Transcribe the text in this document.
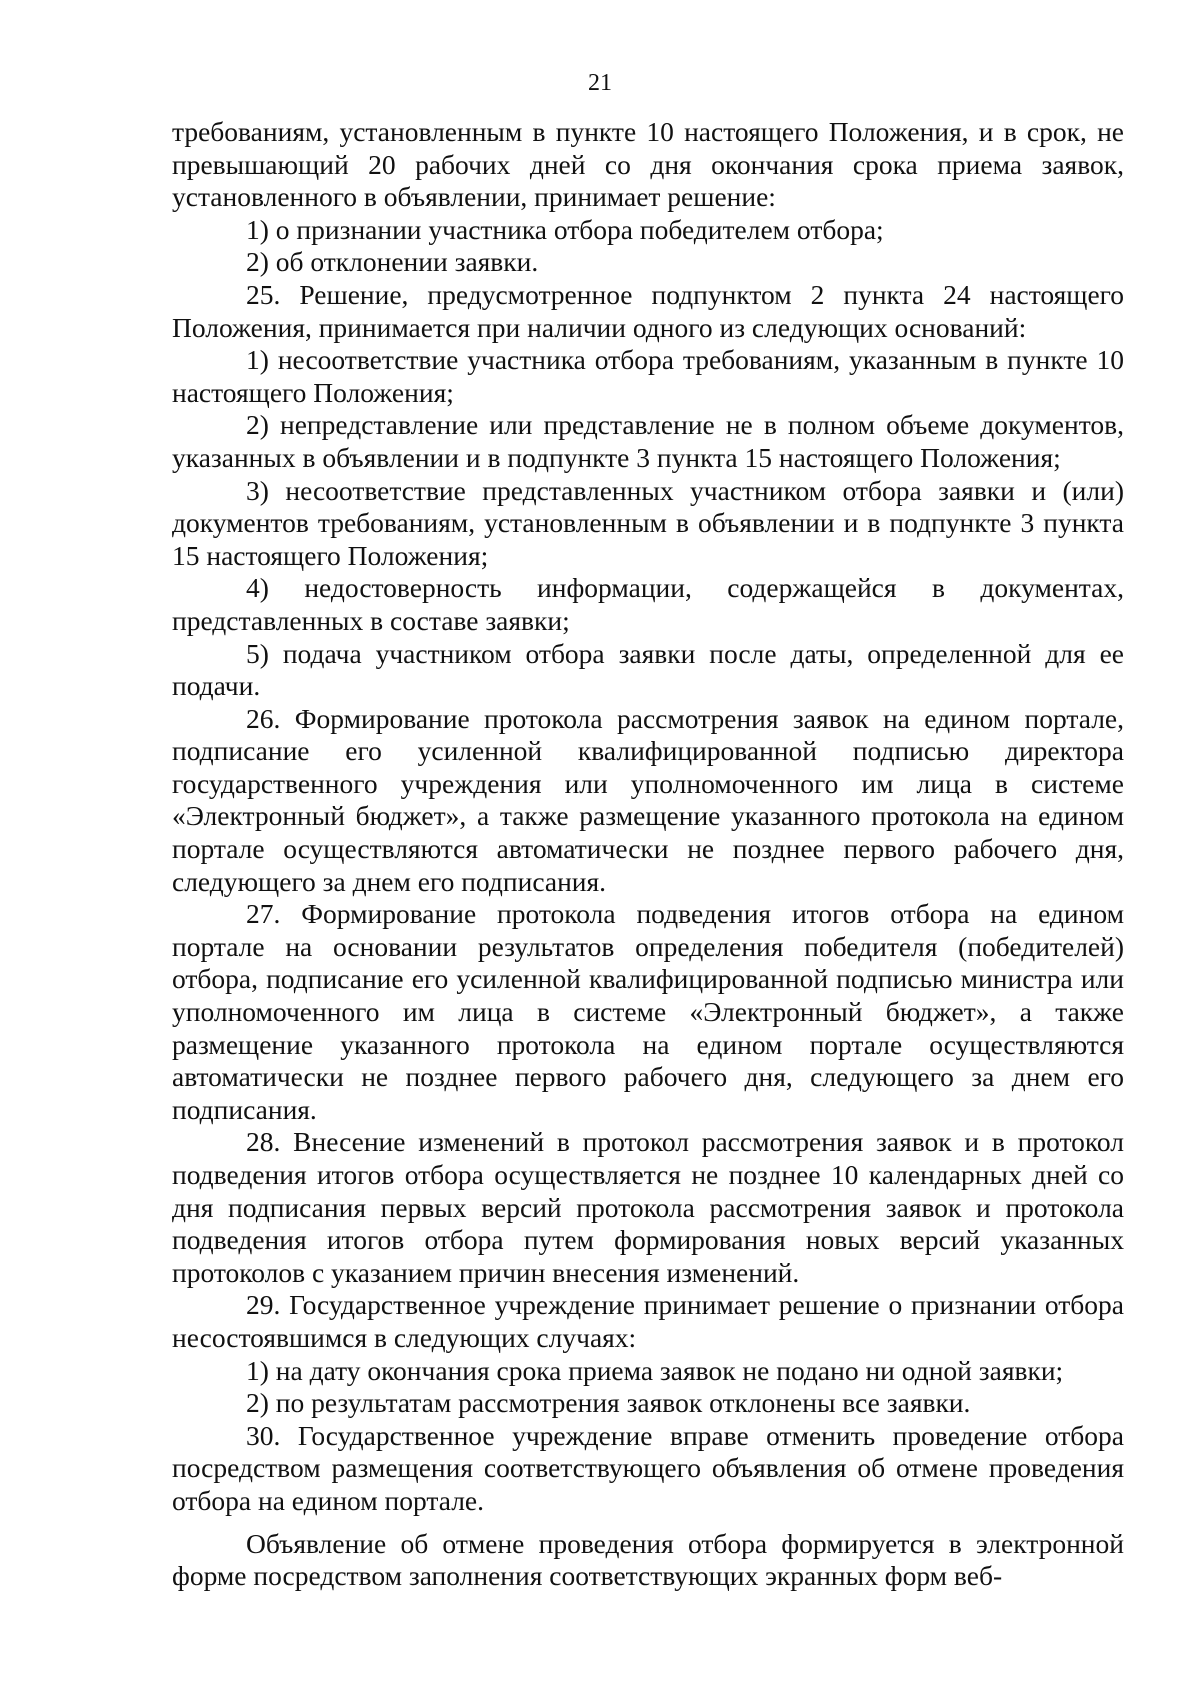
21

требованиям, установленным в пункте 10 настоящего Положения, и в срок, не превышающий 20 рабочих дней со дня окончания срока приема заявок, установленного в объявлении, принимает решение:

1) о признании участника отбора победителем отбора;

2) об отклонении заявки.

25. Решение, предусмотренное подпунктом 2 пункта 24 настоящего Положения, принимается при наличии одного из следующих оснований:

1) несоответствие участника отбора требованиям, указанным в пункте 10 настоящего Положения;

2) непредставление или представление не в полном объеме документов, указанных в объявлении и в подпункте 3 пункта 15 настоящего Положения;

3) несоответствие представленных участником отбора заявки и (или) документов требованиям, установленным в объявлении и в подпункте 3 пункта 15 настоящего Положения;

4) недостоверность информации, содержащейся в документах, представленных в составе заявки;

5) подача участником отбора заявки после даты, определенной для ее подачи.

26. Формирование протокола рассмотрения заявок на едином портале, подписание его усиленной квалифицированной подписью директора государственного учреждения или уполномоченного им лица в системе «Электронный бюджет», а также размещение указанного протокола на едином портале осуществляются автоматически не позднее первого рабочего дня, следующего за днем его подписания.

27. Формирование протокола подведения итогов отбора на едином портале на основании результатов определения победителя (победителей) отбора, подписание его усиленной квалифицированной подписью министра или уполномоченного им лица в системе «Электронный бюджет», а также размещение указанного протокола на едином портале осуществляются автоматически не позднее первого рабочего дня, следующего за днем его подписания.

28. Внесение изменений в протокол рассмотрения заявок и в протокол подведения итогов отбора осуществляется не позднее 10 календарных дней со дня подписания первых версий протокола рассмотрения заявок и протокола подведения итогов отбора путем формирования новых версий указанных протоколов с указанием причин внесения изменений.

29. Государственное учреждение принимает решение о признании отбора несостоявшимся в следующих случаях:

1) на дату окончания срока приема заявок не подано ни одной заявки;

2) по результатам рассмотрения заявок отклонены все заявки.

30. Государственное учреждение вправе отменить проведение отбора посредством размещения соответствующего объявления об отмене проведения отбора на едином портале.

Объявление об отмене проведения отбора формируется в электронной форме посредством заполнения соответствующих экранных форм веб-
